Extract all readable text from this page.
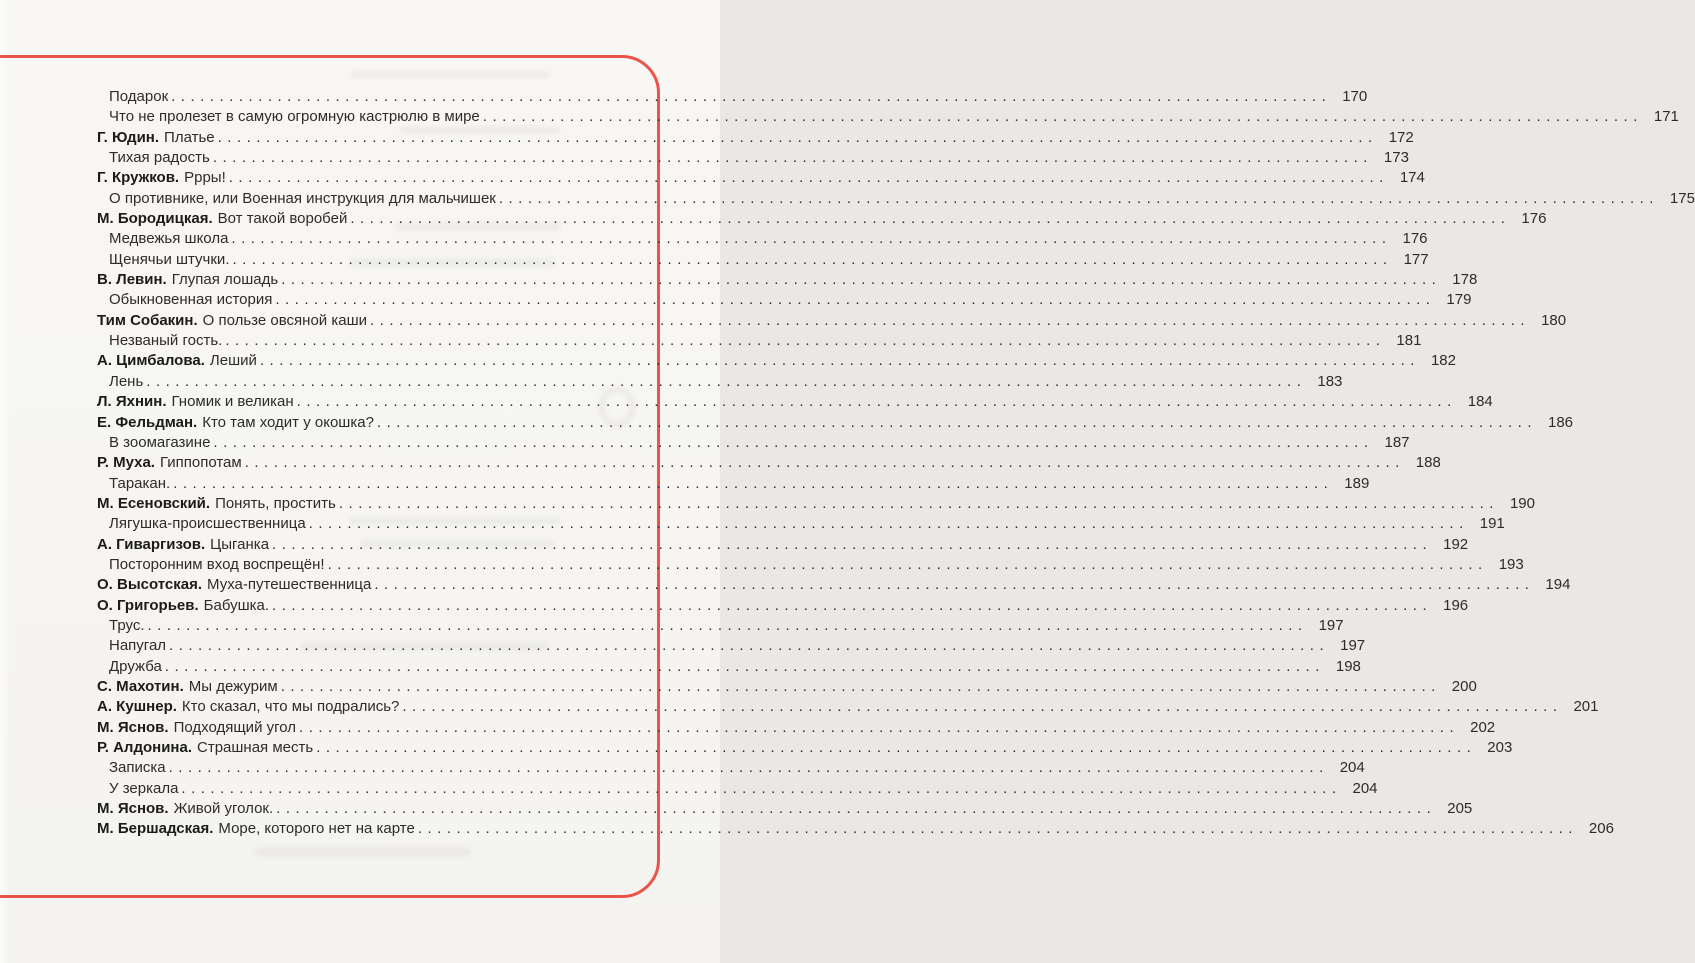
Подарок ........................................................................................................................ 170
Что не пролезет в самую огромную кастрюлю в мире ........................................................................................................................ 171
Г. Юдин. Платье ........................................................................................................................ 172
Тихая радость ........................................................................................................................ 173
Г. Кружков. Ррры! ........................................................................................................................ 174
О противнике, или Военная инструкция для мальчишек ........................................................................................................................ 175
М. Бородицкая. Вот такой воробей ........................................................................................................................ 176
Медвежья школа ........................................................................................................................ 176
Щенячьи штучки. ........................................................................................................................ 177
В. Левин. Глупая лошадь ........................................................................................................................ 178
Обыкновенная история ........................................................................................................................ 179
Тим Собакин. О пользе овсяной каши ........................................................................................................................ 180
Незваный гость. ........................................................................................................................ 181
А. Цимбалова. Леший ........................................................................................................................ 182
Лень ........................................................................................................................ 183
Л. Яхнин. Гномик и великан ........................................................................................................................ 184
Е. Фельдман. Кто там ходит у окошка? ........................................................................................................................ 186
В зоомагазине ........................................................................................................................ 187
Р. Муха. Гиппопотам ........................................................................................................................ 188
Таракан. ........................................................................................................................ 189
М. Есеновский. Понять, простить ........................................................................................................................ 190
Лягушка-происшественница ........................................................................................................................ 191
А. Гиваргизов. Цыганка ........................................................................................................................ 192
Посторонним вход воспрещён! ........................................................................................................................ 193
О. Высотская. Муха-путешественница ........................................................................................................................ 194
О. Григорьев. Бабушка. ........................................................................................................................ 196
Трус. ........................................................................................................................ 197
Напугал ........................................................................................................................ 197
Дружба ........................................................................................................................ 198
С. Махотин. Мы дежурим ........................................................................................................................ 200
А. Кушнер. Кто сказал, что мы подрались? ........................................................................................................................ 201
М. Яснов. Подходящий угол ........................................................................................................................ 202
Р. Алдонина. Страшная месть ........................................................................................................................ 203
Записка ........................................................................................................................ 204
У зеркала ........................................................................................................................ 204
М. Яснов. Живой уголок. ........................................................................................................................ 205
М. Бершадская. Море, которого нет на карте ........................................................................................................................ 206
